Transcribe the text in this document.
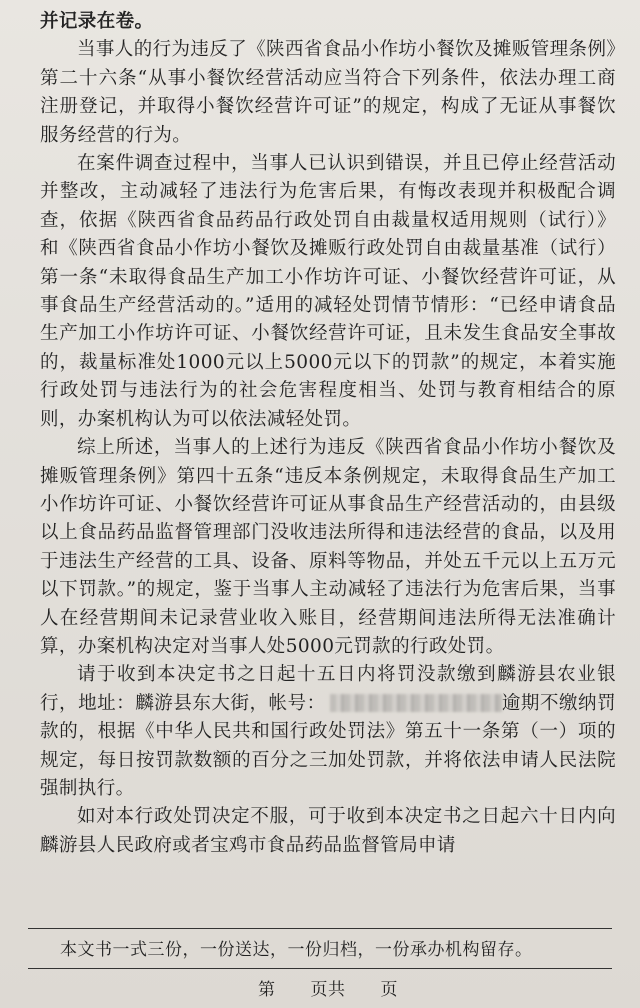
并记录在卷。

当事人的行为违反了《陕西省食品小作坊小餐饮及摊贩管理条例》第二十六条“从事小餐饮经营活动应当符合下列条件，依法办理工商注册登记，并取得小餐饮经营许可证”的规定，构成了无证从事餐饮服务经营的行为。

在案件调查过程中，当事人已认识到错误，并且已停止经营活动并整改，主动减轻了违法行为危害后果，有悔改表现并积极配合调查，依据《陕西省食品药品行政处罚自由裁量权适用规则（试行）》和《陕西省食品小作坊小餐饮及摊贩行政处罚自由裁量基准（试行）第一条“未取得食品生产加工小作坊许可证、小餐饮经营许可证，从事食品生产经营活动的。”适用的减轻处罚情节情形：“已经申请食品生产加工小作坊许可证、小餐饮经营许可证，且未发生食品安全事故的，裁量标准处1000元以上5000元以下的罚款”的规定，本着实施行政处罚与违法行为的社会危害程度相当、处罚与教育相结合的原则，办案机构认为可以依法减轻处罚。

综上所述，当事人的上述行为违反《陕西省食品小作坊小餐饮及摊贩管理条例》第四十五条“违反本条例规定，未取得食品生产加工小作坊许可证、小餐饮经营许可证从事食品生产经营活动的，由县级以上食品药品监督管理部门没收违法所得和违法经营的食品，以及用于违法生产经营的工具、设备、原料等物品，并处五千元以上五万元以下罚款。”的规定，鉴于当事人主动减轻了违法行为危害后果，当事人在经营期间未记录营业收入账目，经营期间违法所得无法准确计算，办案机构决定对当事人处5000元罚款的行政处罚。

请于收到本决定书之日起十五日内将罚没款缴到麟游县农业银行，地址：麟游县东大街，帐号：	逾期不缴纳罚款的，根据《中华人民共和国行政处罚法》第五十一条第（一）项的规定，每日按罚款数额的百分之三加处罚款，并将依法申请人民法院强制执行。

如对本行政处罚决定不服，可于收到本决定书之日起六十日内向麟游县人民政府或者宝鸡市食品药品监督管局申请

本文书一式三份，一份送达，一份归档，一份承办机构留存。
第　　页共　　页
